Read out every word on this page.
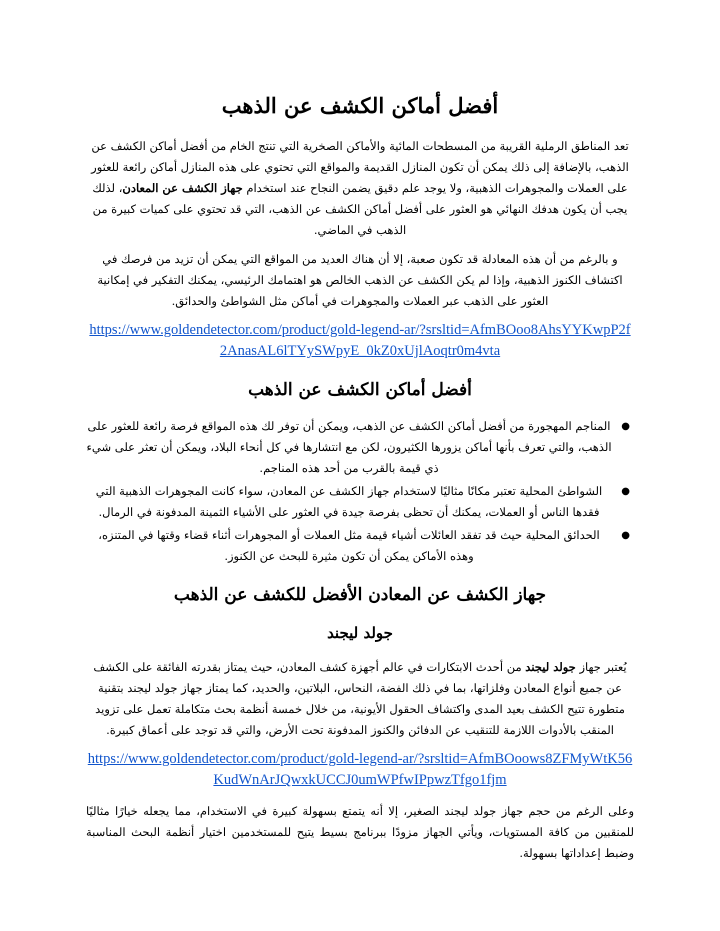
أفضل أماكن الكشف عن الذهب

تعد المناطق الرملية القريبة من المسطحات المائية والأماكن الصخرية التي تنتج الخام من أفضل أماكن الكشف عن الذهب، بالإضافة إلى ذلك يمكن أن تكون المنازل القديمة والمواقع التي تحتوي على هذه المنازل أماكن رائعة للعثور على العملات والمجوهرات الذهبية، ولا يوجد علم دقيق يضمن النجاح عند استخدام جهاز الكشف عن المعادن، لذلك يجب أن يكون هدفك النهائي هو العثور على أفضل أماكن الكشف عن الذهب، التي قد تحتوي على كميات كبيرة من الذهب في الماضي.

و بالرغم من أن هذه المعادلة قد تكون صعبة، إلا أن هناك العديد من المواقع التي يمكن أن تزيد من فرصك في اكتشاف الكنوز الذهبية، وإذا لم يكن الكشف عن الذهب الخالص هو اهتمامك الرئيسي، يمكنك التفكير في إمكانية العثور على الذهب عبر العملات والمجوهرات في أماكن مثل الشواطئ والحدائق.

https://www.goldendetector.com/product/gold-legend-ar/?srsltid=AfmBOoo8AhsYYKwpP2f2AnasAL6lTYySWpyE_0kZ0xUjlAoqtr0m4vta
أفضل أماكن الكشف عن الذهب
●
المناجم المهجورة من أفضل أماكن الكشف عن الذهب، ويمكن أن توفر لك هذه المواقع فرصة رائعة للعثور على الذهب، والتي تعرف بأنها أماكن يزورها الكثيرون، لكن مع انتشارها في كل أنحاء البلاد، ويمكن أن تعثر على شيء ذي قيمة بالقرب من أحد هذه المناجم.
●
الشواطئ المحلية تعتبر مكانًا مثاليًا لاستخدام جهاز الكشف عن المعادن، سواء كانت المجوهرات الذهبية التي فقدها الناس أو العملات، يمكنك أن تحظى بفرصة جيدة في العثور على الأشياء الثمينة المدفونة في الرمال.
●
الحدائق المحلية حيث قد تفقد العائلات أشياء قيمة مثل العملات أو المجوهرات أثناء قضاء وقتها في المتنزه، وهذه الأماكن يمكن أن تكون مثيرة للبحث عن الكنوز.
جهاز الكشف عن المعادن الأفضل للكشف عن الذهب
جولد ليجند

يُعتبر جهاز جولد ليجند من أحدث الابتكارات في عالم أجهزة كشف المعادن، حيث يمتاز بقدرته الفائقة على الكشف عن جميع أنواع المعادن وفلزاتها، بما في ذلك الفضة، النحاس، البلاتين، والحديد، كما يمتاز جهاز جولد ليجند بتقنية متطورة تتيح الكشف بعيد المدى واكتشاف الحقول الأيونية، من خلال خمسة أنظمة بحث متكاملة تعمل على تزويد المنقب بالأدوات اللازمة للتنقيب عن الدفائن والكنوز المدفونة تحت الأرض، والتي قد توجد على أعماق كبيرة.

https://www.goldendetector.com/product/gold-legend-ar/?srsltid=AfmBOoows8ZFMyWtK56KudWnArJQwxkUCCJ0umWPfwIPpwzTfgo1fjm

وعلى الرغم من حجم جهاز جولد ليجند الصغير، إلا أنه يتمتع بسهولة كبيرة في الاستخدام، مما يجعله خيارًا مثاليًا للمنقبين من كافة المستويات، ويأتي الجهاز مزودًا ببرنامج بسيط يتيح للمستخدمين اختيار أنظمة البحث المناسبة وضبط إعداداتها بسهولة.
